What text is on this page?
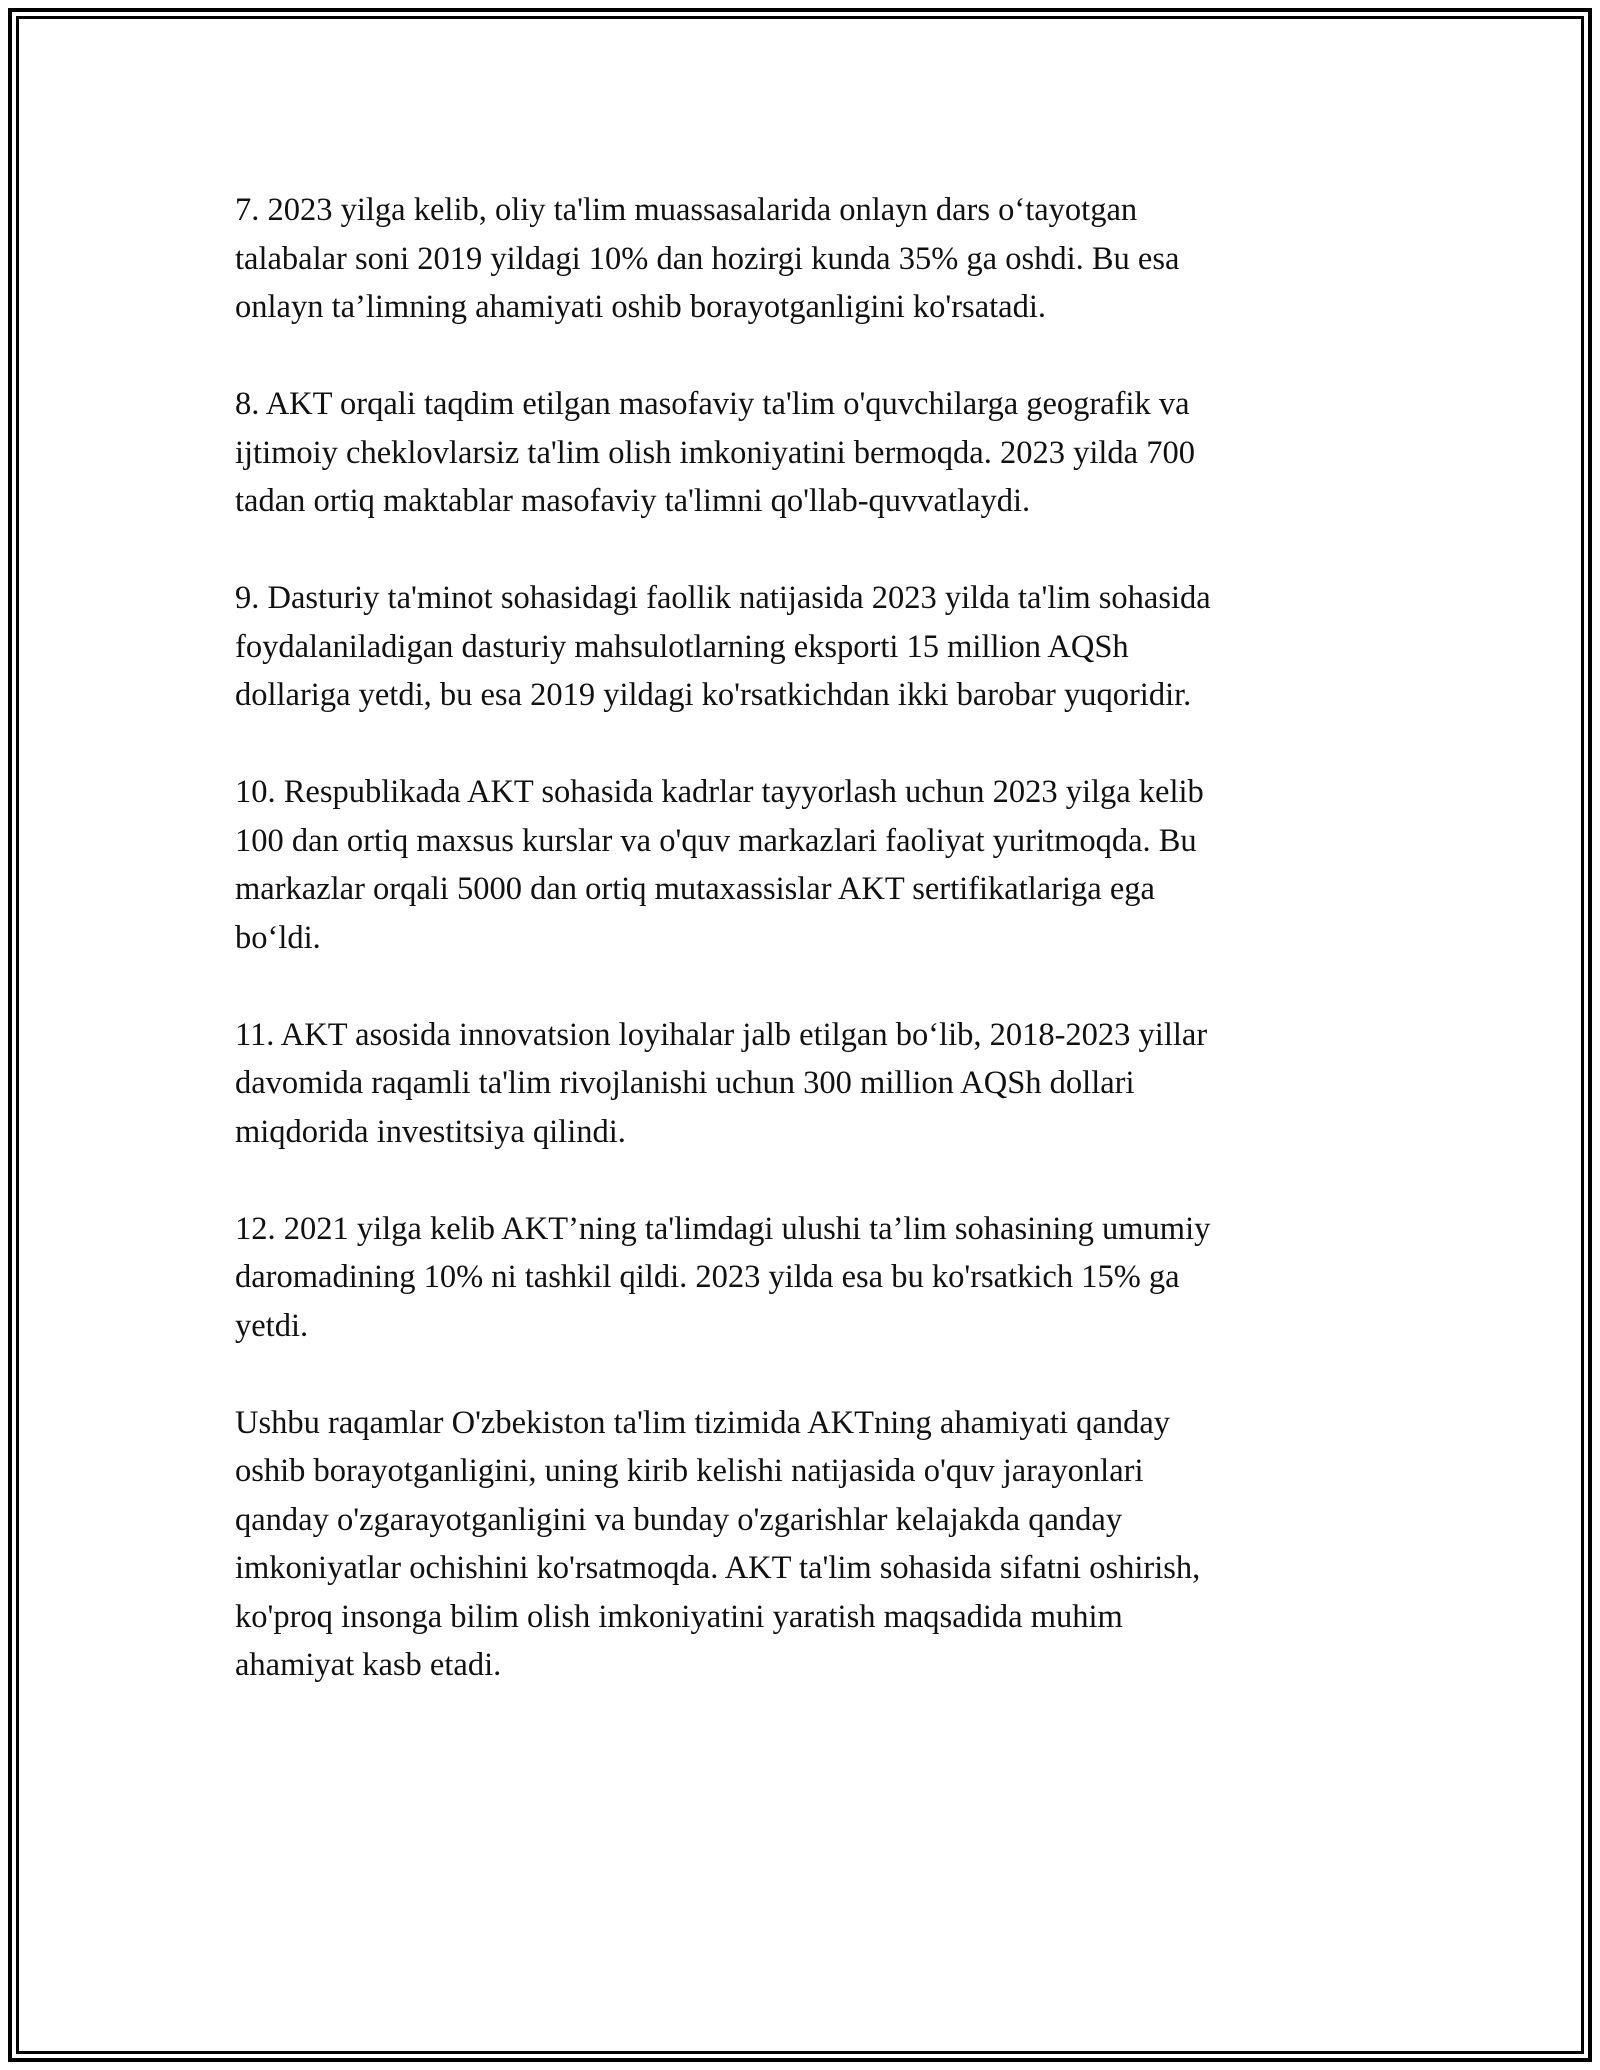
7. 2023 yilga kelib, oliy ta'lim muassasalarida onlayn dars o‘tayotgan
talabalar soni 2019 yildagi 10% dan hozirgi kunda 35% ga oshdi. Bu esa
onlayn ta’limning ahamiyati oshib borayotganligini ko'rsatadi.

8. AKT orqali taqdim etilgan masofaviy ta'lim o'quvchilarga geografik va
ijtimoiy cheklovlarsiz ta'lim olish imkoniyatini bermoqda. 2023 yilda 700
tadan ortiq maktablar masofaviy ta'limni qo'llab-quvvatlaydi.

9. Dasturiy ta'minot sohasidagi faollik natijasida 2023 yilda ta'lim sohasida
foydalaniladigan dasturiy mahsulotlarning eksporti 15 million AQSh
dollariga yetdi, bu esa 2019 yildagi ko'rsatkichdan ikki barobar yuqoridir.

10. Respublikada AKT sohasida kadrlar tayyorlash uchun 2023 yilga kelib
100 dan ortiq maxsus kurslar va o'quv markazlari faoliyat yuritmoqda. Bu
markazlar orqali 5000 dan ortiq mutaxassislar AKT sertifikatlariga ega
bo‘ldi.

11. AKT asosida innovatsion loyihalar jalb etilgan bo‘lib, 2018-2023 yillar
davomida raqamli ta'lim rivojlanishi uchun 300 million AQSh dollari
miqdorida investitsiya qilindi.

12. 2021 yilga kelib AKT’ning ta'limdagi ulushi ta’lim sohasining umumiy
daromadining 10% ni tashkil qildi. 2023 yilda esa bu ko'rsatkich 15% ga
yetdi.

Ushbu raqamlar O'zbekiston ta'lim tizimida AKTning ahamiyati qanday
oshib borayotganligini, uning kirib kelishi natijasida o'quv jarayonlari
qanday o'zgarayotganligini va bunday o'zgarishlar kelajakda qanday
imkoniyatlar ochishini ko'rsatmoqda. AKT ta'lim sohasida sifatni oshirish,
ko'proq insonga bilim olish imkoniyatini yaratish maqsadida muhim
ahamiyat kasb etadi.
